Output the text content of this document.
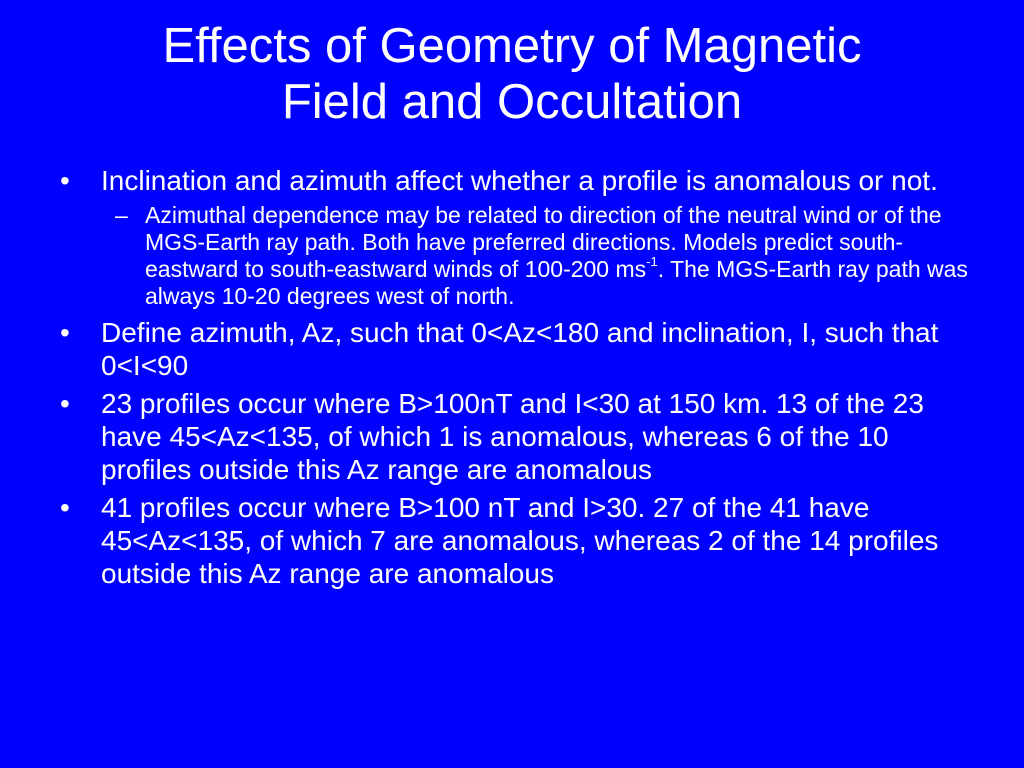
Effects of Geometry of Magnetic
Field and Occultation
• Inclination and azimuth affect whether a profile is anomalous or not.
– Azimuthal dependence may be related to direction of the neutral wind or of the MGS-Earth ray path. Both have preferred directions. Models predict south-eastward to south-eastward winds of 100-200 $ms^{-1}$. The MGS-Earth ray path was always 10-20 degrees west of north.
• Define azimuth, Az, such that 0<Az<180 and inclination, I, such that 0<I<90
• 23 profiles occur where B>100nT and I<30 at 150 km. 13 of the 23 have 45<Az<135, of which 1 is anomalous, whereas 6 of the 10 profiles outside this Az range are anomalous
• 41 profiles occur where B>100 nT and I>30. 27 of the 41 have 45<Az<135, of which 7 are anomalous, whereas 2 of the 14 profiles outside this Az range are anomalous
